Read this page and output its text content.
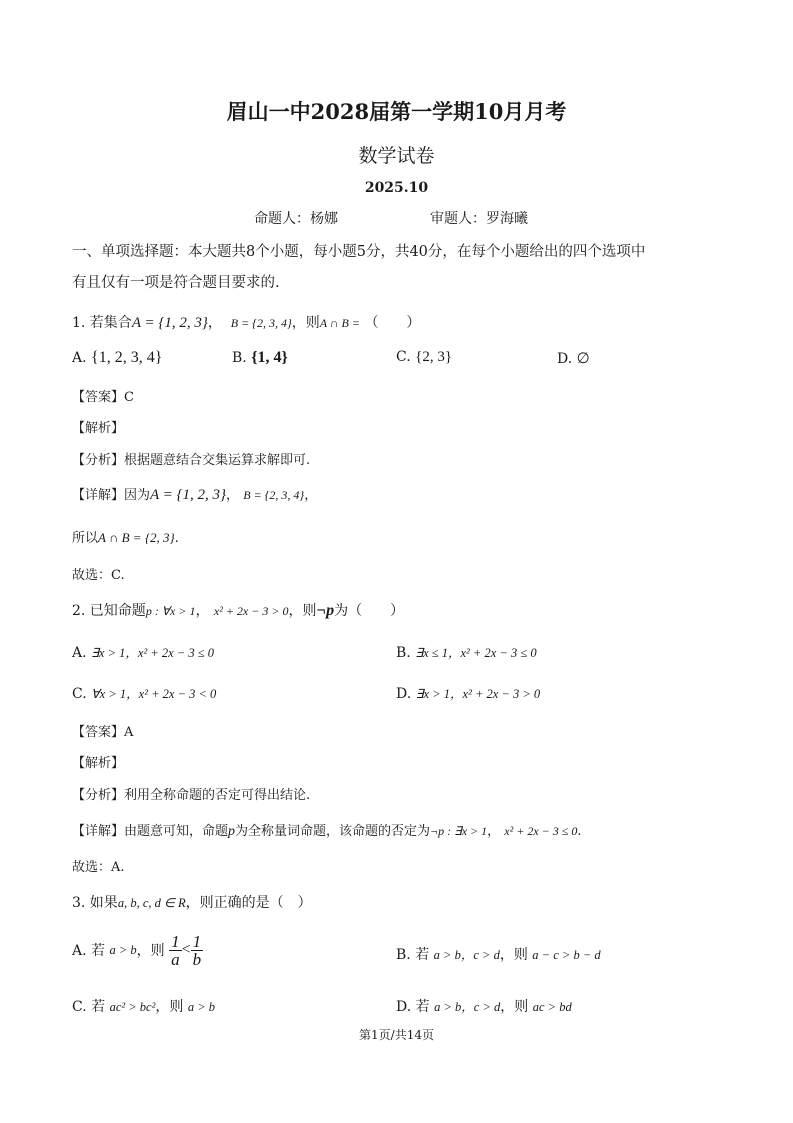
眉山一中2028届第一学期10月月考
数学试卷
2025.10
命题人：杨娜	审题人：罗海曦
一、单项选择题：本大题共8个小题，每小题5分，共40分，在每个小题给出的四个选项中
有且仅有一项是符合题目要求的.
1. 若集合A = {1, 2, 3}， B = {2, 3, 4}，则A ∩ B = （　　）
A. {1, 2, 3, 4}	B. {1, 4}	C. {2, 3}	D. ∅
【答案】C
【解析】
【分析】根据题意结合交集运算求解即可.
【详解】因为A = {1, 2, 3}， B = {2, 3, 4}，
所以A ∩ B = {2, 3}.
故选：C.
2. 已知命题p : ∀x > 1， x² + 2x − 3 > 0，则¬p为（　　）
A. ∃x > 1，x² + 2x − 3 ≤ 0	B. ∃x ≤ 1，x² + 2x − 3 ≤ 0
C. ∀x > 1，x² + 2x − 3 < 0	D. ∃x > 1，x² + 2x − 3 > 0
【答案】A
【解析】
【分析】利用全称命题的否定可得出结论.
【详解】由题意可知，命题p为全称量词命题，该命题的否定为¬p : ∃x > 1， x² + 2x − 3 ≤ 0.
故选：A.
3. 如果a, b, c, d ∈ R，则正确的是（　）
A. 若
a > b ，则
$\frac{1}{a} < \frac{1}{b}$	B. 若 a > b，c > d，则 a − c > b − d
C. 若 ac² > bc²，则 a > b	D. 若 a > b，c > d，则 ac > bd
第1页/共14页
